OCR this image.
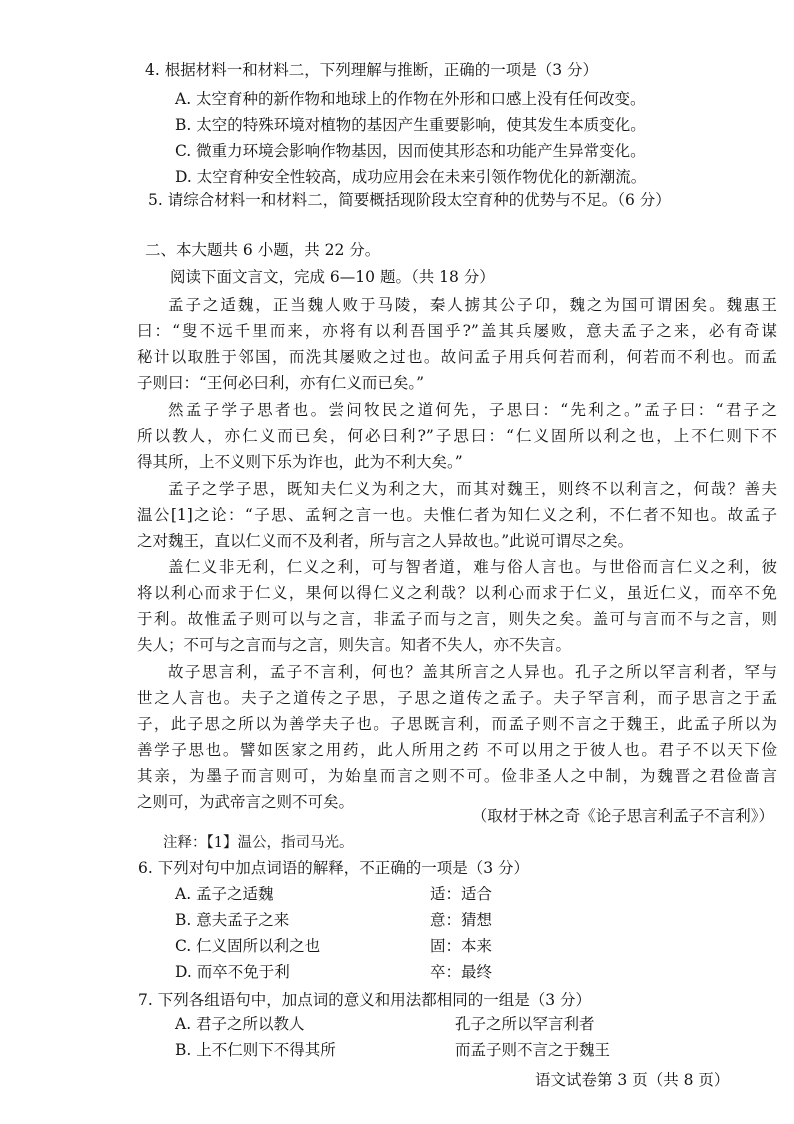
4. 根据材料一和材料二，下列理解与推断，正确的一项是（3 分）
A. 太空育种的新作物和地球上的作物在外形和口感上没有任何改变。
B. 太空的特殊环境对植物的基因产生重要影响，使其发生本质变化。
C. 微重力环境会影响作物基因，因而使其形态和功能产生异常变化。
D. 太空育种安全性较高，成功应用会在未来引领作物优化的新潮流。
5. 请综合材料一和材料二，简要概括现阶段太空育种的优势与不足。（6 分）
二、本大题共 6 小题，共 22 分。
阅读下面文言文，完成 6—10 题。（共 18 分）
孟子之适魏，正当魏人败于马陵，秦人掳其公子卬，魏之为国可谓困矣。魏惠王
曰：“叟不远千里而来，亦将有以利吾国乎?”盖其兵屡败，意夫孟子之来，必有奇谋
秘计以取胜于邻国，而洗其屡败之过也。故问孟子用兵何若而利，何若而不利也。而孟
子则曰：“王何必曰利，亦有仁义而已矣。”
然孟子学子思者也。尝问牧民之道何先，子思曰：“先利之。”孟子曰：“君子之
所以教人，亦仁义而已矣，何必曰利?”子思曰：“仁义固所以利之也，上不仁则下不
得其所，上不义则下乐为诈也，此为不利大矣。”
孟子之学子思，既知夫仁义为利之大，而其对魏王，则终不以利言之，何哉？善夫
温公[1]之论：“子思、孟轲之言一也。夫惟仁者为知仁义之利，不仁者不知也。故孟子
之对魏王，直以仁义而不及利者，所与言之人异故也。”此说可谓尽之矣。
盖仁义非无利，仁义之利，可与智者道，难与俗人言也。与世俗而言仁义之利，彼
将以利心而求于仁义，果何以得仁义之利哉？以利心而求于仁义，虽近仁义，而卒不免
于利。故惟孟子则可以与之言，非孟子而与之言，则失之矣。盖可与言而不与之言，则
失人；不可与之言而与之言，则失言。知者不失人，亦不失言。
故子思言利，孟子不言利，何也？盖其所言之人异也。孔子之所以罕言利者，罕与
世之人言也。夫子之道传之子思，子思之道传之孟子。夫子罕言利，而子思言之于孟
子，此子思之所以为善学夫子也。子思既言利，而孟子则不言之于魏王，此孟子所以为
善学子思也。譬如医家之用药，此人所用之药 不可以用之于彼人也。君子不以天下俭
其亲，为墨子而言则可，为始皇而言之则不可。俭非圣人之中制，为魏晋之君俭啬言
之则可，为武帝言之则不可矣。
（取材于林之奇《论子思言利孟子不言利》）
注释：【1】温公，指司马光。
6. 下列对句中加点词语的解释，不正确的一项是（3 分）
A. 孟子之适魏	适：适合
B. 意夫孟子之来	意：猜想
C. 仁义固所以利之也	固：本来
D. 而卒不免于利	卒：最终
7. 下列各组语句中，加点词的意义和用法都相同的一组是（3 分）
A. 君子之所以教人	孔子之所以罕言利者
B. 上不仁则下不得其所	而孟子则不言之于魏王
语文试卷第 3 页（共 8 页）
